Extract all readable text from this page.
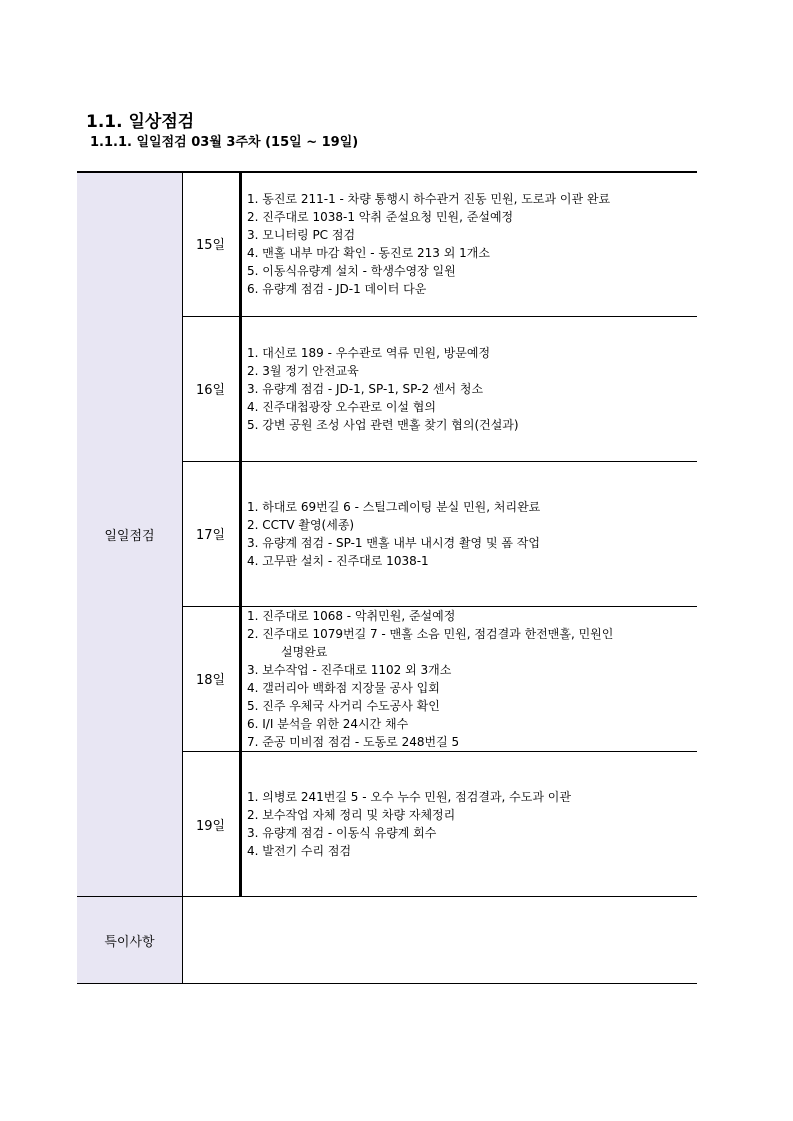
1.1. 일상점검
1.1.1. 일일점검 03월 3주차 (15일 ~ 19일)
일일점검
15일
1. 동진로 211-1 - 차량 통행시 하수관거 진동 민원, 도로과 이관 완료
2. 진주대로 1038-1 악취 준설요청 민원, 준설예정
3. 모니터링 PC 점검
4. 맨홀 내부 마감 확인 - 동진로 213 외 1개소
5. 이동식유량계 설치 - 학생수영장 일원
6. 유량계 점검 - JD-1 데이터 다운
16일
1. 대신로 189 - 우수관로 역류 민원, 방문예정
2. 3월 정기 안전교육
3. 유량계 점검 - JD-1, SP-1, SP-2 센서 청소
4. 진주대첩광장 오수관로 이설 협의
5. 강변 공원 조성 사업 관련 맨홀 찾기 협의(건설과)
17일
1. 하대로 69번길 6 - 스틸그레이팅 분실 민원, 처리완료
2. CCTV 촬영(세종)
3. 유량계 점검 - SP-1 맨홀 내부 내시경 촬영 및 폼 작업
4. 고무판 설치 - 진주대로 1038-1
18일
1. 진주대로 1068 - 악취민원, 준설예정
2. 진주대로 1079번길 7 - 맨홀 소음 민원, 점검결과 한전맨홀, 민원인
설명완료
3. 보수작업 - 진주대로 1102 외 3개소
4. 갤러리아 백화점 지장물 공사 입회
5. 진주 우체국 사거리 수도공사 확인
6. I/I 분석을 위한 24시간 채수
7. 준공 미비점 점검 - 도동로 248번길 5
19일
1. 의병로 241번길 5 - 오수 누수 민원, 점검결과, 수도과 이관
2. 보수작업 자체 정리 및 차량 자체정리
3. 유량계 점검 - 이동식 유량계 회수
4. 발전기 수리 점검
특이사항
